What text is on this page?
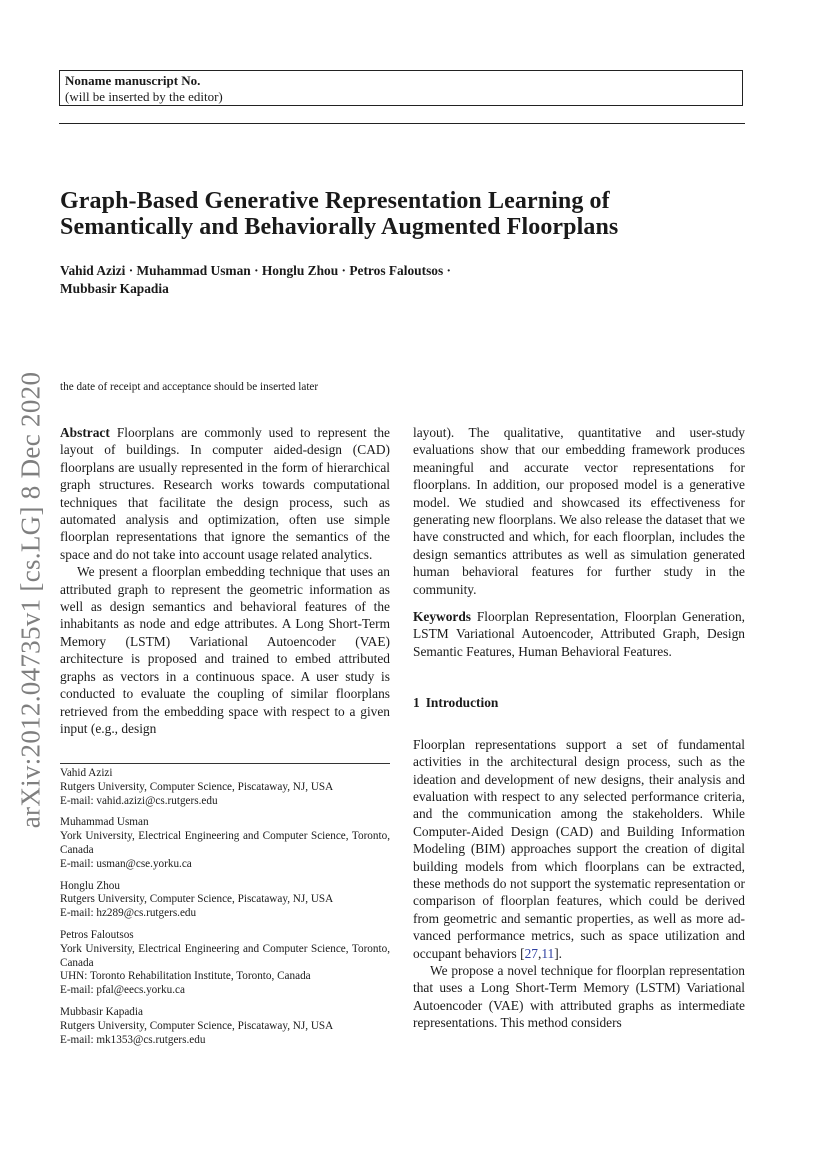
Noname manuscript No.
(will be inserted by the editor)
Graph-Based Generative Representation Learning of
Semantically and Behaviorally Augmented Floorplans
Vahid Azizi · Muhammad Usman · Honglu Zhou · Petros Faloutsos ·
Mubbasir Kapadia
arXiv:2012.04735v1 [cs.LG] 8 Dec 2020 the date of receipt and acceptance should be inserted later

Abstract Floorplans are commonly used to represent the layout of buildings. In computer aided-design (CAD) floorplans are usually represented in the form of hierarchical graph structures. Research works towards computational techniques that facilitate the design process, such as automated analysis and optimization, often use simple floorplan representations that ignore the semantics of the space and do not take into account usage related analytics.

We present a floorplan embedding technique that uses an attributed graph to represent the geometric information as well as design semantics and behavioral features of the inhabitants as node and edge attributes. A Long Short-Term Memory (LSTM) Variational Autoencoder (VAE) architecture is proposed and trained to embed attributed graphs as vectors in a continuous space. A user study is conducted to evaluate the coupling of similar floorplans retrieved from the embedding space with respect to a given input (e.g., design

Vahid Azizi
Rutgers University, Computer Science, Piscataway, NJ, USA
E-mail: vahid.azizi@cs.rutgers.edu
Muhammad Usman
York University, Electrical Engineering and Computer Science, Toronto, Canada
E-mail: usman@cse.yorku.ca
Honglu Zhou
Rutgers University, Computer Science, Piscataway, NJ, USA
E-mail: hz289@cs.rutgers.edu
Petros Faloutsos
York University, Electrical Engineering and Computer Science, Toronto, Canada
UHN: Toronto Rehabilitation Institute, Toronto, Canada
E-mail: pfal@eecs.yorku.ca
Mubbasir Kapadia
Rutgers University, Computer Science, Piscataway, NJ, USA
E-mail: mk1353@cs.rutgers.edu

layout). The qualitative, quantitative and user-study evaluations show that our embedding framework produces meaningful and accurate vector representations for floorplans. In addition, our proposed model is a generative model. We studied and showcased its effectiveness for generating new floorplans. We also release the dataset that we have constructed and which, for each floorplan, includes the design semantics attributes as well as simulation generated human behavioral features for further study in the community.

Keywords Floorplan Representation, Floorplan Generation, LSTM Variational Autoencoder, Attributed Graph, Design Semantic Features, Human Behavioral Features.

1 Introduction

Floorplan representations support a set of fundamental activities in the architectural design process, such as the ideation and development of new designs, their analysis and evaluation with respect to any selected performance criteria, and the communication among the stakeholders. While Computer-Aided Design (CAD) and Building Information Modeling (BIM) approaches support the creation of digital building models from which floorplans can be extracted, these methods do not support the systematic representation or comparison of floorplan features, which could be derived from geometric and semantic properties, as well as more advanced performance metrics, such as space utilization and occupant behaviors [27,11].

We propose a novel technique for floorplan representation that uses a Long Short-Term Memory (LSTM) Variational Autoencoder (VAE) with attributed graphs as intermediate representations. This method considers
